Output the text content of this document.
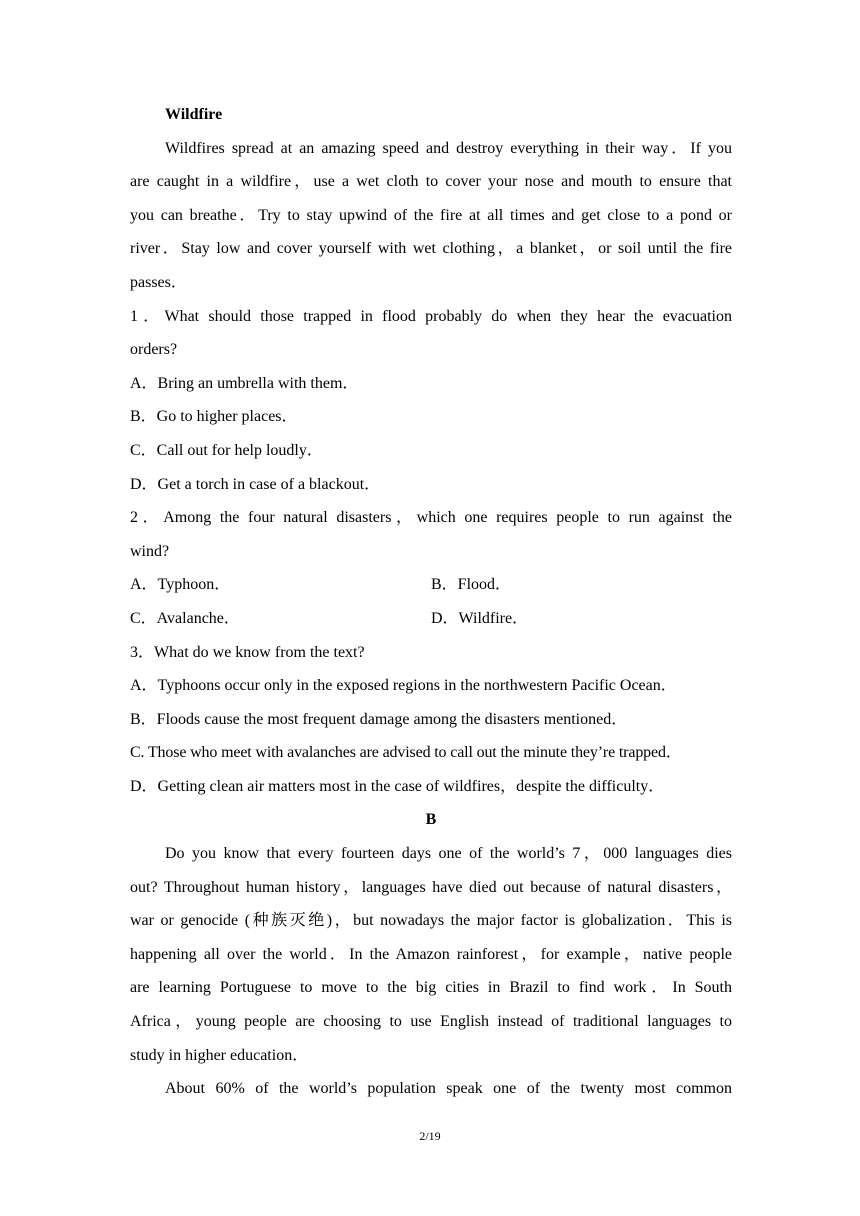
Wildfire
Wildfires spread at an amazing speed and destroy everything in their way．If you
are caught in a wildfire，use a wet cloth to cover your nose and mouth to ensure that
you can breathe．Try to stay upwind of the fire at all times and get close to a pond or
river．Stay low and cover yourself with wet clothing，a blanket，or soil until the fire
passes．
1．What should those trapped in flood probably do when they hear the evacuation
orders?
A．Bring an umbrella with them．
B．Go to higher places．
C．Call out for help loudly．
D．Get a torch in case of a blackout．
2．Among the four natural disasters，which one requires people to run against the
wind?
A．Typhoon．	B．Flood．
C．Avalanche．	D．Wildfire．
3．What do we know from the text?
A．Typhoons occur only in the exposed regions in the northwestern Pacific Ocean．
B．Floods cause the most frequent damage among the disasters mentioned．
C. Those who meet with avalanches are advised to call out the minute they’re trapped．
D．Getting clean air matters most in the case of wildfires，despite the difficulty．
B
Do you know that every fourteen days one of the world’s 7，000 languages dies
out? Throughout human history，languages have died out because of natural disasters，
war or genocide (种族灭绝)，but nowadays the major factor is globalization．This is
happening all over the world．In the Amazon rainforest，for example，native people
are learning Portuguese to move to the big cities in Brazil to find work．In South
Africa，young people are choosing to use English instead of traditional languages to
study in higher education．
About 60% of the world’s population speak one of the twenty most common
2/19
